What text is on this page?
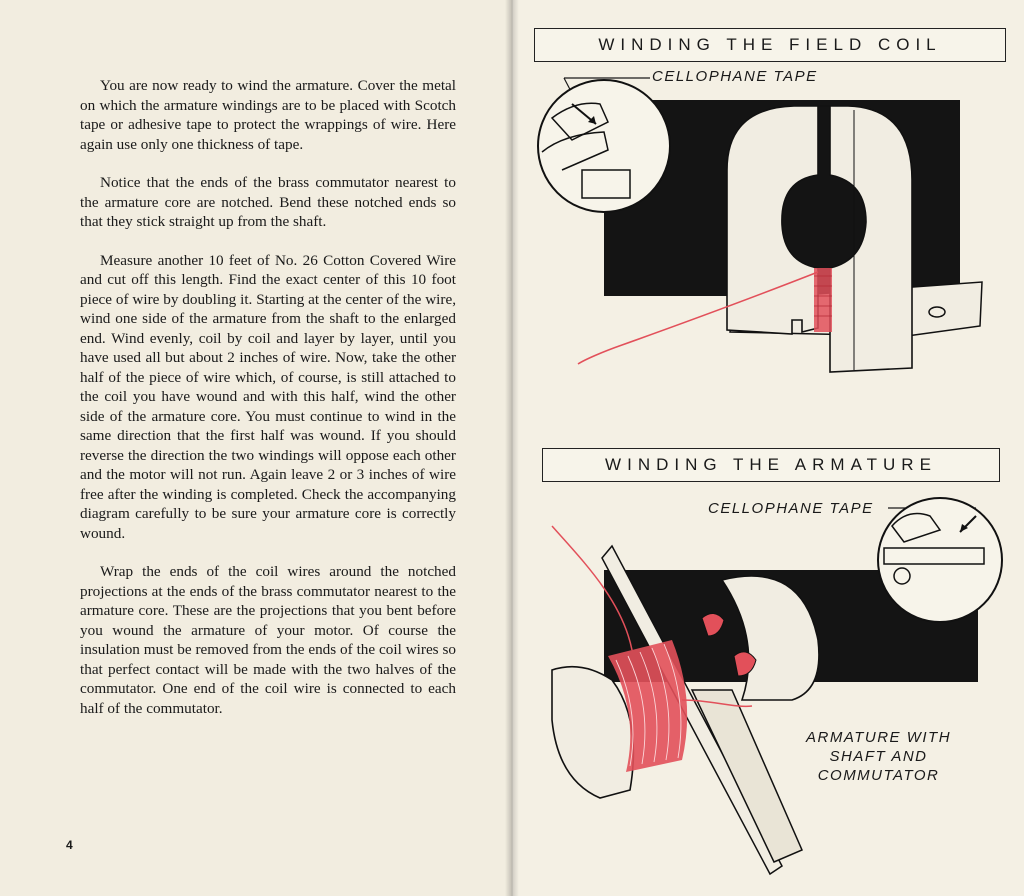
You are now ready to wind the armature. Cover the metal on which the armature windings are to be placed with Scotch tape or adhesive tape to protect the wrappings of wire. Here again use only one thickness of tape.

Notice that the ends of the brass commutator nearest to the armature core are notched. Bend these notched ends so that they stick straight up from the shaft.

Measure another 10 feet of No. 26 Cotton Covered Wire and cut off this length. Find the exact center of this 10 foot piece of wire by doubling it. Starting at the center of the wire, wind one side of the armature from the shaft to the enlarged end. Wind evenly, coil by coil and layer by layer, until you have used all but about 2 inches of wire. Now, take the other half of the piece of wire which, of course, is still attached to the coil you have wound and with this half, wind the other side of the armature core. You must continue to wind in the same direction that the first half was wound. If you should reverse the direction the two windings will oppose each other and the motor will not run. Again leave 2 or 3 inches of wire free after the winding is completed. Check the accompanying diagram carefully to be sure your armature core is correctly wound.

Wrap the ends of the coil wires around the notched projections at the ends of the brass commutator nearest to the armature core. These are the projections that you bent before you wound the armature of your motor. Of course the insulation must be removed from the ends of the coil wires so that perfect contact will be made with the two halves of the commutator. One end of the coil wire is connected to each half of the commutator.

4
WINDING THE FIELD COIL
CELLOPHANE TAPE
WINDING THE ARMATURE
CELLOPHANE TAPE
ARMATURE WITH
SHAFT AND
COMMUTATOR
